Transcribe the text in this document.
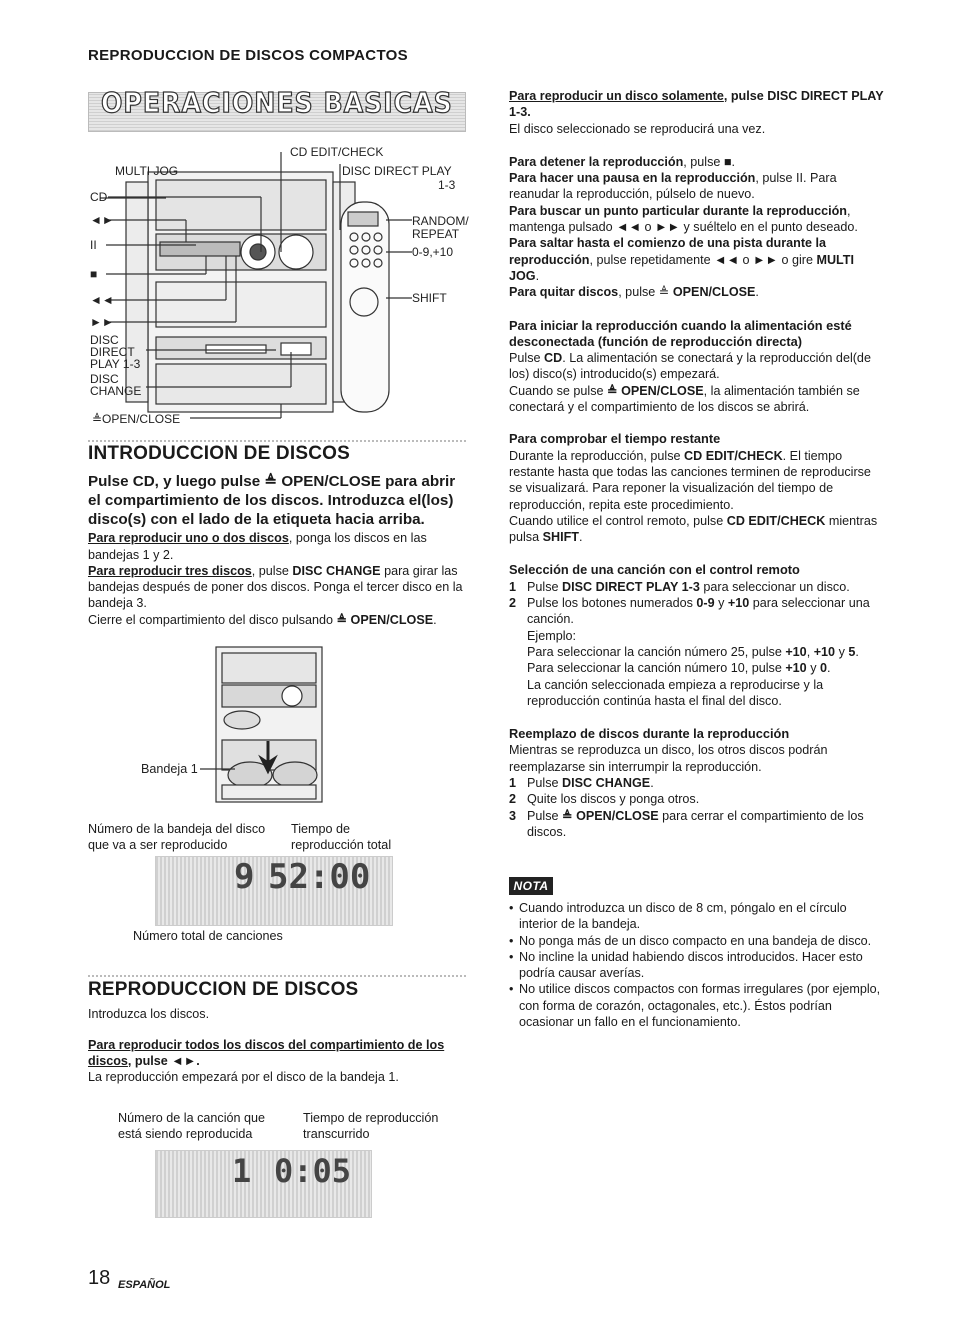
REPRODUCCION DE DISCOS COMPACTOS
OPERACIONES BASICAS
CD EDIT/CHECK
MULTI JOG	DISC DIRECT PLAY
1-3
CD
◄►
II
■
◄◄
►►
RANDOM/
REPEAT
0-9,+10
SHIFT
DISC
DIRECT
PLAY 1-3
DISC
CHANGE
≜OPEN/CLOSE
INTRODUCCION DE DISCOS
Pulse CD, y luego pulse ≜ OPEN/CLOSE para abrir el compartimiento de los discos. Introduzca el(los) disco(s) con el lado de la etiqueta hacia arriba.

Para reproducir uno o dos discos, ponga los discos en las bandejas 1 y 2.

Para reproducir tres discos, pulse DISC CHANGE para girar las bandejas después de poner dos discos. Ponga el tercer disco en la bandeja 3.

Cierre el compartimiento del disco pulsando ≜ OPEN/CLOSE.

Bandeja 1
Número de la bandeja del disco
que va a ser reproducido
Tiempo de
reproducción total
9 52:00
Número total de canciones
REPRODUCCION DE DISCOS

Introduzca los discos.

Para reproducir todos los discos del compartimiento de los discos, pulse ◄►.

La reproducción empezará por el disco de la bandeja 1.

Número de la canción que
está siendo reproducida
Tiempo de reproducción
transcurrido
1 0:05

Para reproducir un disco solamente, pulse DISC DIRECT PLAY 1-3.

El disco seleccionado se reproducirá una vez.

Para detener la reproducción, pulse ■.

Para hacer una pausa en la reproducción, pulse II. Para reanudar la reproducción, púlselo de nuevo.

Para buscar un punto particular durante la reproducción, mantenga pulsado ◄◄ o ►► y suéltelo en el punto deseado.

Para saltar hasta el comienzo de una pista durante la reproducción, pulse repetidamente ◄◄ o ►► o gire MULTI JOG.

Para quitar discos, pulse ≜ OPEN/CLOSE.

Para iniciar la reproducción cuando la alimentación esté desconectada (función de reproducción directa)

Pulse CD. La alimentación se conectará y la reproducción del(de los) disco(s) introducido(s) empezará.

Cuando se pulse ≜ OPEN/CLOSE, la alimentación también se conectará y el compartimiento de los discos se abrirá.

Para comprobar el tiempo restante

Durante la reproducción, pulse CD EDIT/CHECK. El tiempo restante hasta que todas las canciones terminen de reproducirse se visualizará. Para reponer la visualización del tiempo de reproducción, repita este procedimiento.

Cuando utilice el control remoto, pulse CD EDIT/CHECK mientras pulsa SHIFT.

Selección de una canción con el control remoto

1 Pulse DISC DIRECT PLAY 1-3 para seleccionar un disco.
2 Pulse los botones numerados 0-9 y +10 para seleccionar una canción.
Ejemplo:
Para seleccionar la canción número 25, pulse +10, +10 y 5.
Para seleccionar la canción número 10, pulse +10 y 0.
La canción seleccionada empieza a reproducirse y la reproducción continúa hasta el final del disco.

Reemplazo de discos durante la reproducción

Mientras se reproduzca un disco, los otros discos podrán reemplazarse sin interrumpir la reproducción.

1 Pulse DISC CHANGE.
2 Quite los discos y ponga otros.
3 Pulse ≜ OPEN/CLOSE para cerrar el compartimiento de los discos.
NOTA
• Cuando introduzca un disco de 8 cm, póngalo en el círculo interior de la bandeja.
• No ponga más de un disco compacto en una bandeja de disco.
• No incline la unidad habiendo discos introducidos. Hacer esto podría causar averías.
• No utilice discos compactos con formas irregulares (por ejemplo, con forma de corazón, octagonales, etc.). Éstos podrían ocasionar un fallo en el funcionamiento.
18 ESPAÑOL
